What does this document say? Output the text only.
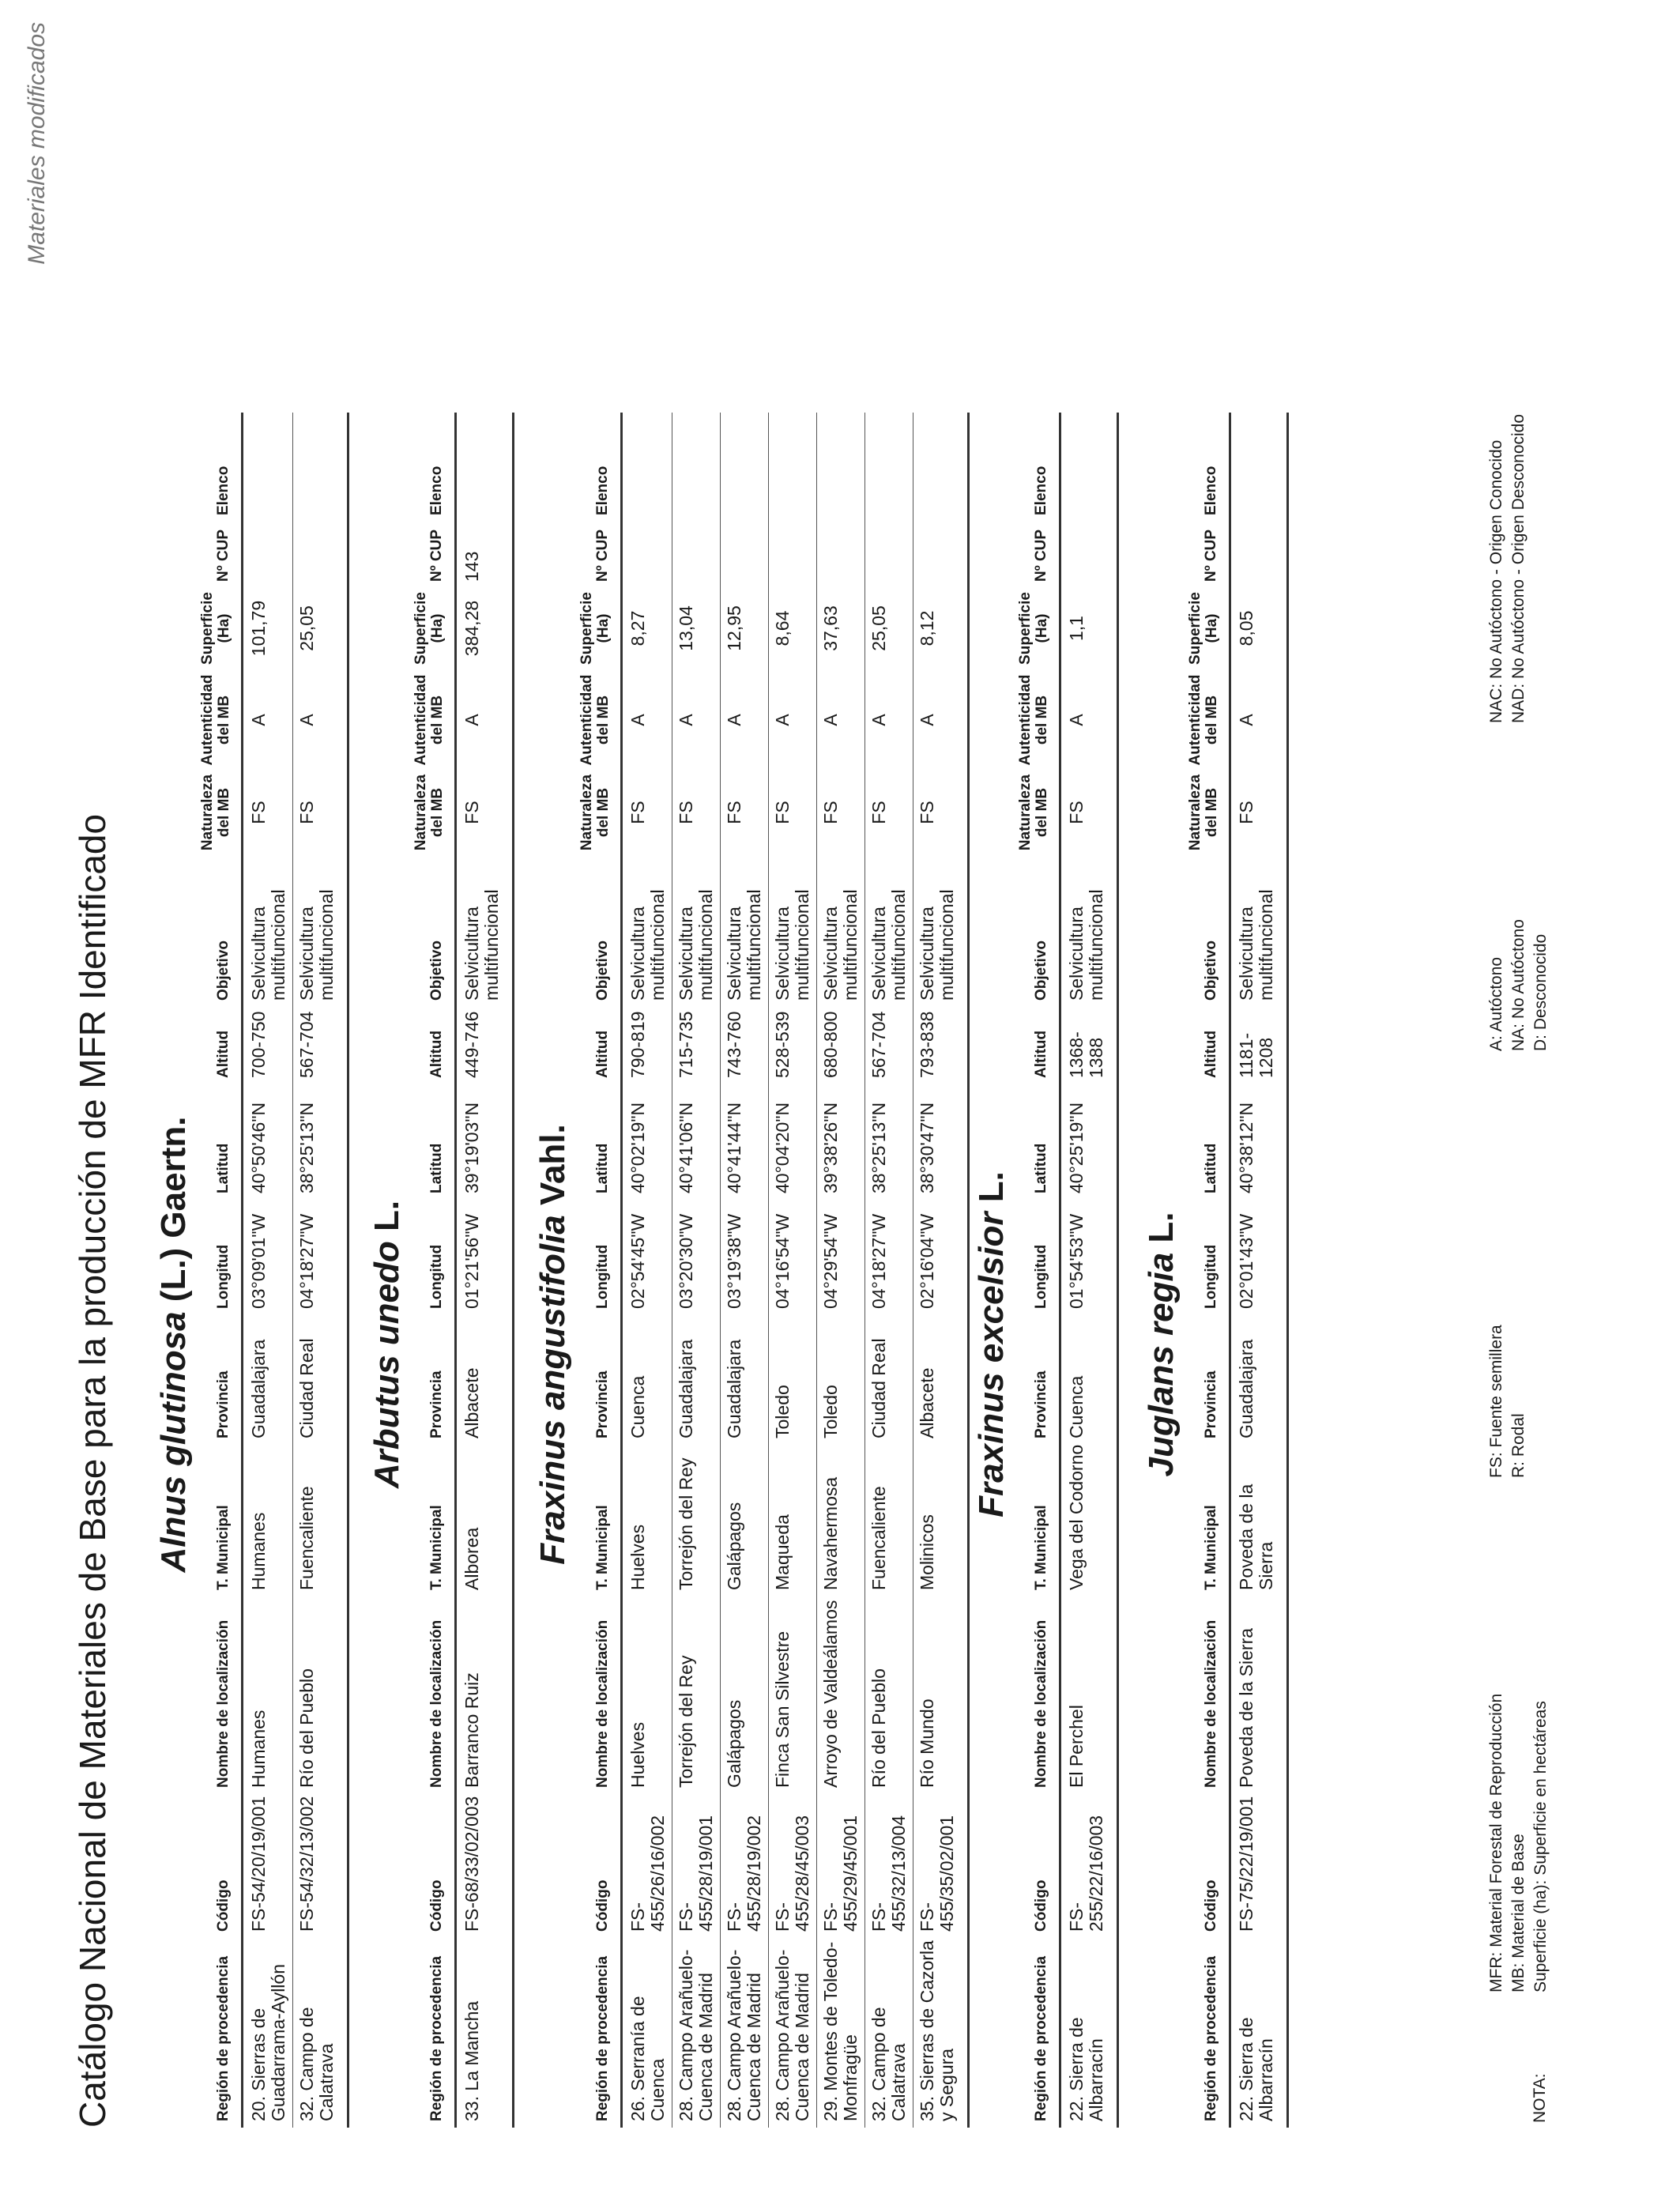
Catálogo Nacional de Materiales de Base para la producción de MFR Identificado
Materiales modificados
Alnus glutinosa (L.) Gaertn.
Región de procedencia
Código
Nombre de localización
T. Municipal
Provincia
Longitud
Latitud
Altitud
Objetivo
Naturaleza del MB
Autenticidad del MB
Superficie (Ha)
Nº CUP
Elenco
20. Sierras de Guadarrama-Ayllón
FS-54/20/19/001
Humanes
Humanes
Guadalajara
03°09'01"W
40°50'46"N
700-750
Selvicultura multifuncional
FS
A
101,79
32. Campo de Calatrava
FS-54/32/13/002
Río del Pueblo
Fuencaliente
Ciudad Real
04°18'27"W
38°25'13"N
567-704
Selvicultura multifuncional
FS
A
25,05
Arbutus unedo L.
Región de procedencia
Código
Nombre de localización
T. Municipal
Provincia
Longitud
Latitud
Altitud
Objetivo
Naturaleza del MB
Autenticidad del MB
Superficie (Ha)
Nº CUP
Elenco
33. La Mancha
FS-68/33/02/003
Barranco Ruiz
Alborea
Albacete
01°21'56"W
39°19'03"N
449-746
Selvicultura multifuncional
FS
A
384,28
143
Fraxinus angustifolia Vahl.
Región de procedencia
Código
Nombre de localización
T. Municipal
Provincia
Longitud
Latitud
Altitud
Objetivo
Naturaleza del MB
Autenticidad del MB
Superficie (Ha)
Nº CUP
Elenco
26. Serranía de Cuenca
FS-455/26/16/002
Huelves
Huelves
Cuenca
02°54'45"W
40°02'19"N
790-819
Selvicultura multifuncional
FS
A
8,27
28. Campo Arañuelo-Cuenca de Madrid
FS-455/28/19/001
Torrejón del Rey
Torrejón del Rey
Guadalajara
03°20'30"W
40°41'06"N
715-735
Selvicultura multifuncional
FS
A
13,04
28. Campo Arañuelo-Cuenca de Madrid
FS-455/28/19/002
Galápagos
Galápagos
Guadalajara
03°19'38"W
40°41'44"N
743-760
Selvicultura multifuncional
FS
A
12,95
28. Campo Arañuelo-Cuenca de Madrid
FS-455/28/45/003
Finca San Silvestre
Maqueda
Toledo
04°16'54"W
40°04'20"N
528-539
Selvicultura multifuncional
FS
A
8,64
29. Montes de Toledo-Monfragüe
FS-455/29/45/001
Arroyo de Valdeálamos
Navahermosa
Toledo
04°29'54"W
39°38'26"N
680-800
Selvicultura multifuncional
FS
A
37,63
32. Campo de Calatrava
FS-455/32/13/004
Río del Pueblo
Fuencaliente
Ciudad Real
04°18'27"W
38°25'13"N
567-704
Selvicultura multifuncional
FS
A
25,05
35. Sierras de Cazorla y Segura
FS-455/35/02/001
Río Mundo
Molinicos
Albacete
02°16'04"W
38°30'47"N
793-838
Selvicultura multifuncional
FS
A
8,12
Fraxinus excelsior L.
Región de procedencia
Código
Nombre de localización
T. Municipal
Provincia
Longitud
Latitud
Altitud
Objetivo
Naturaleza del MB
Autenticidad del MB
Superficie (Ha)
Nº CUP
Elenco
22. Sierra de Albarracín
FS-255/22/16/003
El Perchel
Vega del Codorno
Cuenca
01°54'53"W
40°25'19"N
1368-1388
Selvicultura multifuncional
FS
A
1,1
Juglans regia L.
Región de procedencia
Código
Nombre de localización
T. Municipal
Provincia
Longitud
Latitud
Altitud
Objetivo
Naturaleza del MB
Autenticidad del MB
Superficie (Ha)
Nº CUP
Elenco
22. Sierra de Albarracín
FS-75/22/19/001
Poveda de la Sierra
Poveda de la Sierra
Guadalajara
02°01'43"W
40°38'12"N
1181-1208
Selvicultura multifuncional
FS
A
8,05
NOTA:
MFR: Material Forestal de Reproducción MB: Material de Base Superficie (ha): Superficie en hectáreas
FS: Fuente semillera R: Rodal
A: Autóctono NA: No Autóctono D: Desconocido
NAC: No Autóctono - Origen Conocido NAD: No Autóctono - Origen Desconocido
